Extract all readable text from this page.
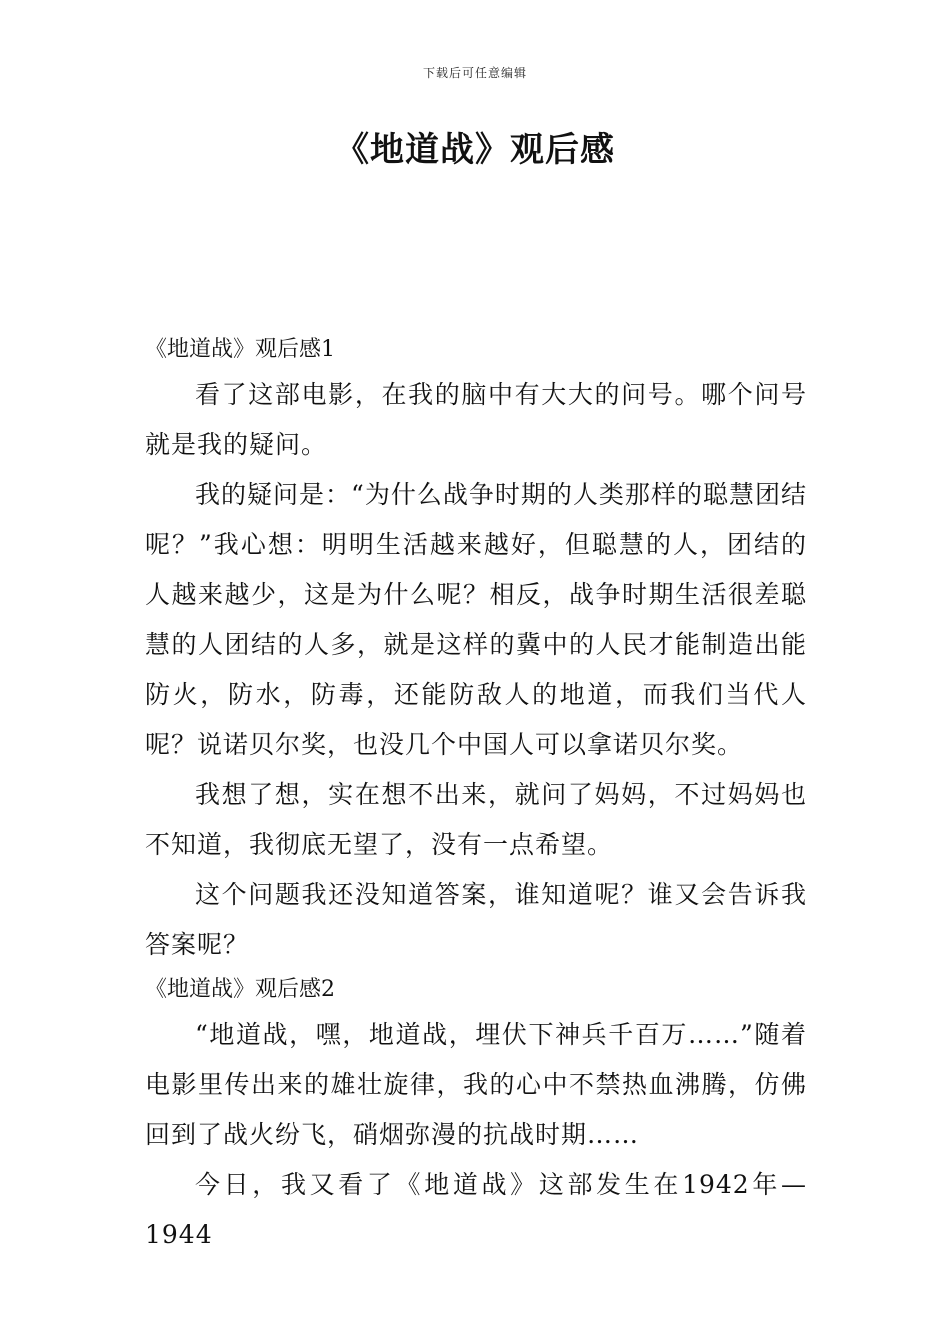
下载后可任意编辑
《地道战》观后感

《地道战》观后感1

看了这部电影，在我的脑中有大大的问号。哪个问号就是我的疑问。

我的疑问是：“为什么战争时期的人类那样的聪慧团结呢？”我心想：明明生活越来越好，但聪慧的人，团结的人越来越少，这是为什么呢？相反，战争时期生活很差聪慧的人团结的人多，就是这样的冀中的人民才能制造出能防火，防水，防毒，还能防敌人的地道，而我们当代人呢？说诺贝尔奖，也没几个中国人可以拿诺贝尔奖。

我想了想，实在想不出来，就问了妈妈，不过妈妈也不知道，我彻底无望了，没有一点希望。

这个问题我还没知道答案，谁知道呢？谁又会告诉我答案呢？

《地道战》观后感2

“地道战，嘿，地道战，埋伏下神兵千百万……”随着电影里传出来的雄壮旋律，我的心中不禁热血沸腾，仿佛回到了战火纷飞，硝烟弥漫的抗战时期……

今日，我又看了《地道战》这部发生在1942年—1944
